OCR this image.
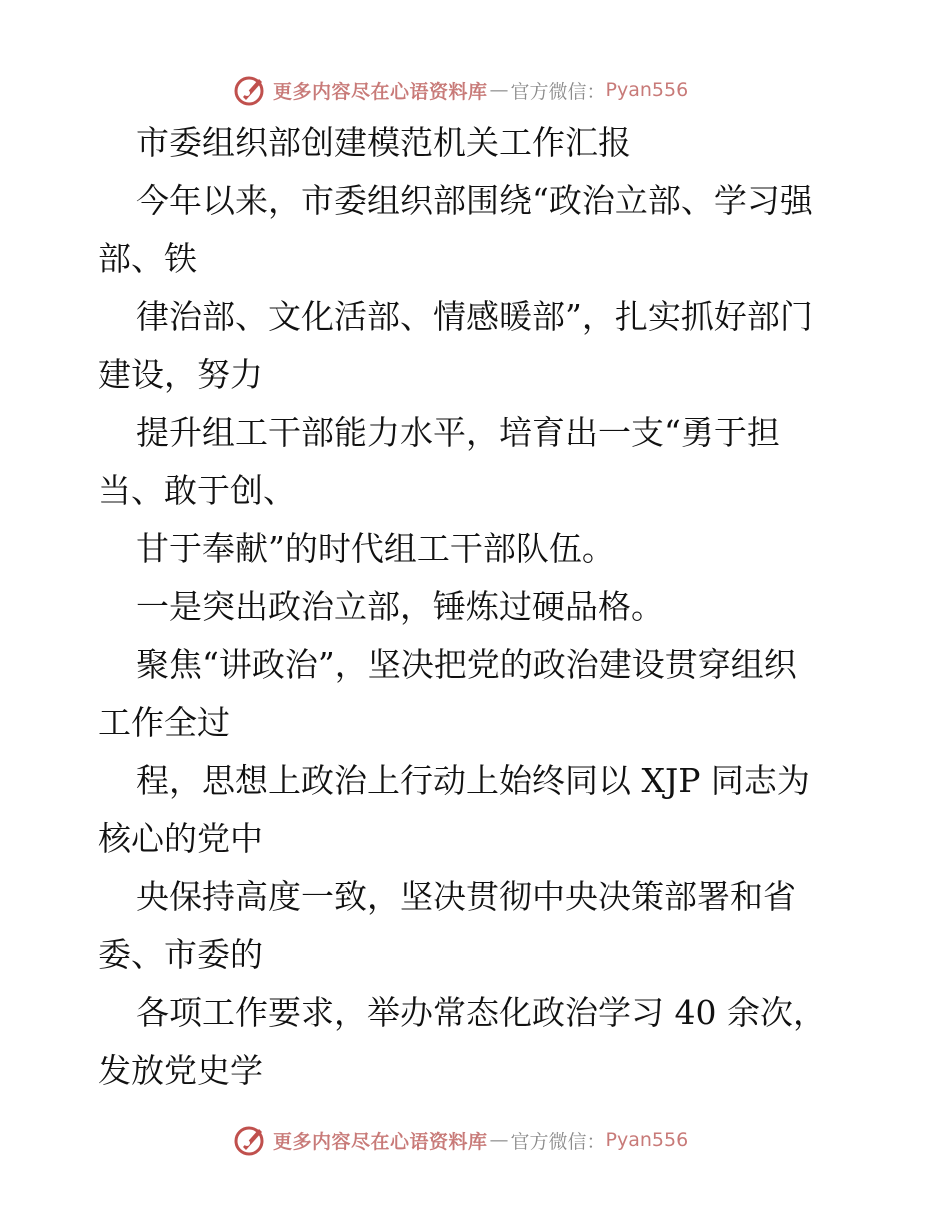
更多内容尽在心语资料库 — 官方微信： Pyan556
市委组织部创建模范机关工作汇报
今年以来，市委组织部围绕“政治立部、学习强
部、铁
律治部、文化活部、情感暖部”，扎实抓好部门
建设，努力
提升组工干部能力水平，培育出一支“勇于担
当、敢于创、
甘于奉献”的时代组工干部队伍。
一是突出政治立部，锤炼过硬品格。
聚焦“讲政治”，坚决把党的政治建设贯穿组织
工作全过
程，思想上政治上行动上始终同以 XJP 同志为
核心的党中
央保持高度一致，坚决贯彻中央决策部署和省
委、市委的
各项工作要求，举办常态化政治学习 40 余次，
发放党史学
更多内容尽在心语资料库 — 官方微信： Pyan556
